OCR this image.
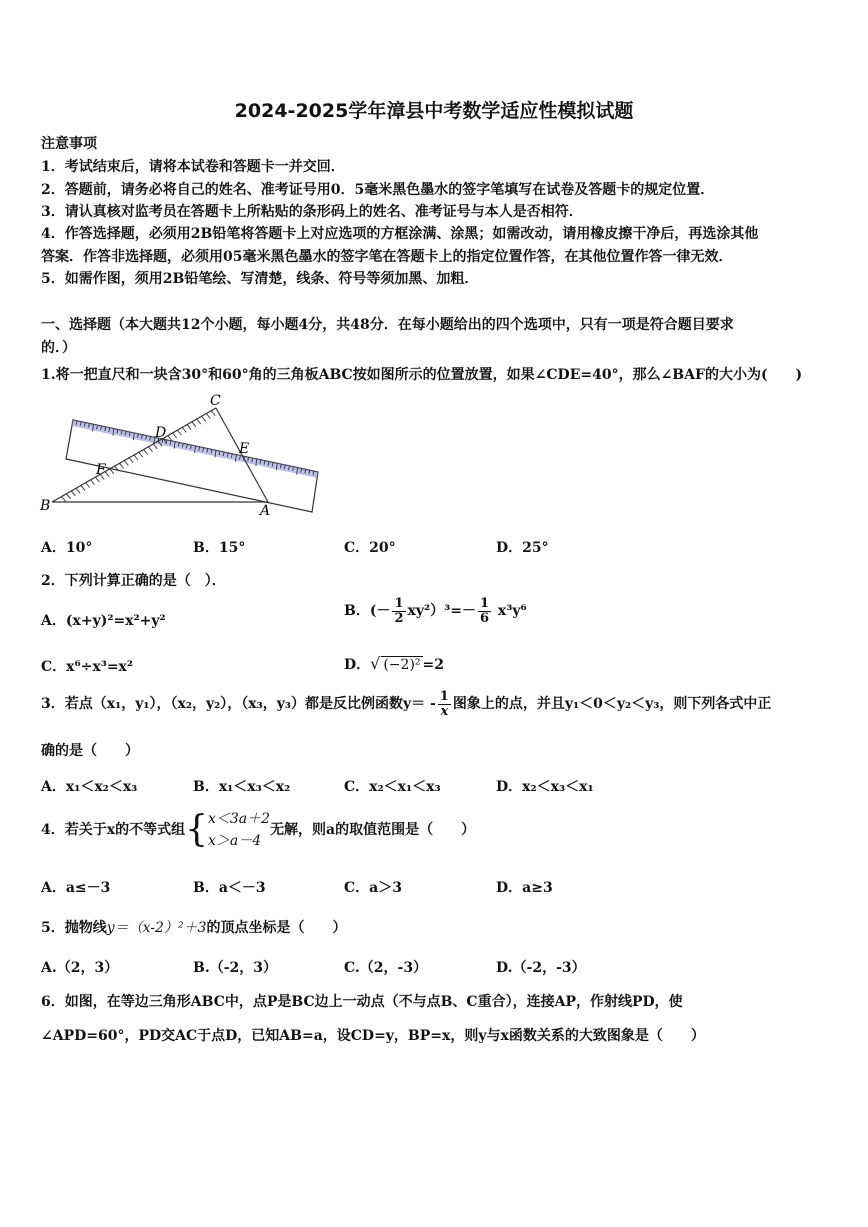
2024-2025学年漳县中考数学适应性模拟试题
注意事项
1．考试结束后，请将本试卷和答题卡一并交回．
2．答题前，请务必将自己的姓名、准考证号用0．5毫米黑色墨水的签字笔填写在试卷及答题卡的规定位置．
3．请认真核对监考员在答题卡上所粘贴的条形码上的姓名、准考证号与本人是否相符．
4．作答选择题，必须用2B铅笔将答题卡上对应选项的方框涂满、涂黑；如需改动，请用橡皮擦干净后，再选涂其他
答案．作答非选择题，必须用05毫米黑色墨水的签字笔在答题卡上的指定位置作答，在其他位置作答一律无效．
5．如需作图，须用2B铅笔绘、写清楚，线条、符号等须加黑、加粗．
一、选择题（本大题共12个小题，每小题4分，共48分．在每小题给出的四个选项中，只有一项是符合题目要求
的．）
1.将一把直尺和一块含30°和60°角的三角板ABC按如图所示的位置放置，如果∠CDE=40°，那么∠BAF的大小为(　　)
C
D
E
F
B	A
A．10°	B．15°	C．20°	D．25°
2．下列计算正确的是（　）．
A．(x+y)²=x²+y²
B．(－ $\frac{1}{2} xy^2)^3=- \frac{1}{6} x^3y^6$
C．x⁶÷x³=x²	D．√ (−2)² =2
3．若点（x₁，y₁），（x₂，y₂），（x₃，y₃）都是反比例函数$y= - \frac{1}{x}$ 图象上的点，并且y₁＜0＜y₂＜y₃，则下列各式中正
确的是（　　）
A．x₁＜x₂＜x₃	B．x₁＜x₃＜x₂	C．x₂＜x₁＜x₃	D．x₂＜x₃＜x₁
4．若关于x的不等式组{ x＜3a＋2
x＞a－4
无解，则a的取值范围是（　　）
A．a≤－3	B．a＜－3	C．a＞3	D．a≥3
5．抛物线y＝（x-2）²＋3的顶点坐标是（　　）
A.（2，3）	B.（-2，3）	C.（2，-3）	D.（-2，-3）
6．如图，在等边三角形ABC中，点P是BC边上一动点（不与点B、C重合），连接AP，作射线PD，使
∠APD=60°，PD交AC于点D，已知AB=a，设CD=y，BP=x，则y与x函数关系的大致图象是（　　）
